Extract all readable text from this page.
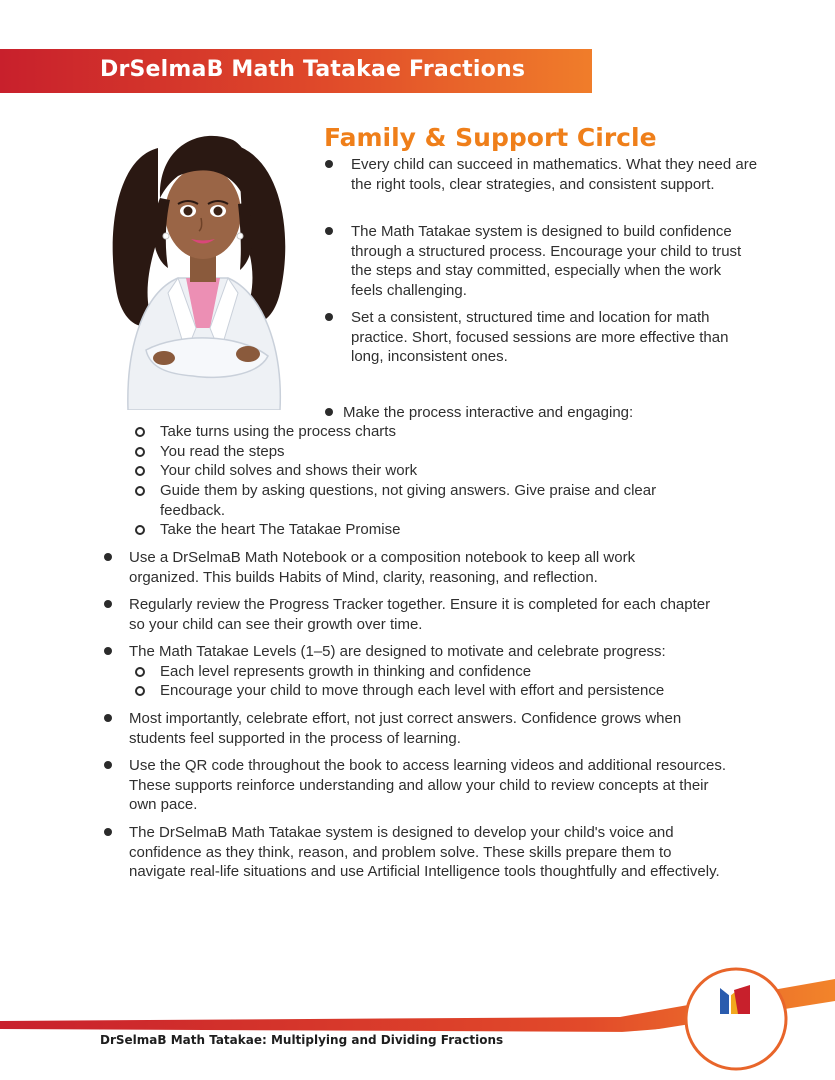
DrSelmaB Math Tatakae Fractions
Family & Support Circle
Every child can succeed in mathematics. What they need are the right tools, clear strategies, and consistent support.
The Math Tatakae system is designed to build confidence through a structured process. Encourage your child to trust the steps and stay committed, especially when the work feels challenging.
Set a consistent, structured time and location for math practice. Short, focused sessions are more effective than long, inconsistent ones.
Make the process interactive and engaging:
Take turns using the process charts
You read the steps
Your child solves and shows their work
Guide them by asking questions, not giving answers. Give praise and clear feedback.
Take the heart The Tatakae Promise
Use a DrSelmaB Math Notebook or a composition notebook to keep all work organized. This builds Habits of Mind, clarity, reasoning, and reflection.
Regularly review the Progress Tracker together. Ensure it is completed for each chapter so your child can see their growth over time.
The Math Tatakae Levels (1–5) are designed to motivate and celebrate progress:
Each level represents growth in thinking and confidence
Encourage your child to move through each level with effort and persistence
Most importantly, celebrate effort, not just correct answers. Confidence grows when students feel supported in the process of learning.
Use the QR code throughout the book to access learning videos and additional resources. These supports reinforce understanding and allow your child to review concepts at their own pace.
The DrSelmaB Math Tatakae system is designed to develop your child's voice and confidence as they think, reason, and problem solve. These skills prepare them to navigate real-life situations and use Artificial Intelligence tools thoughtfully and effectively.
DrSelmaB Math Tatakae: Multiplying and Dividing Fractions
